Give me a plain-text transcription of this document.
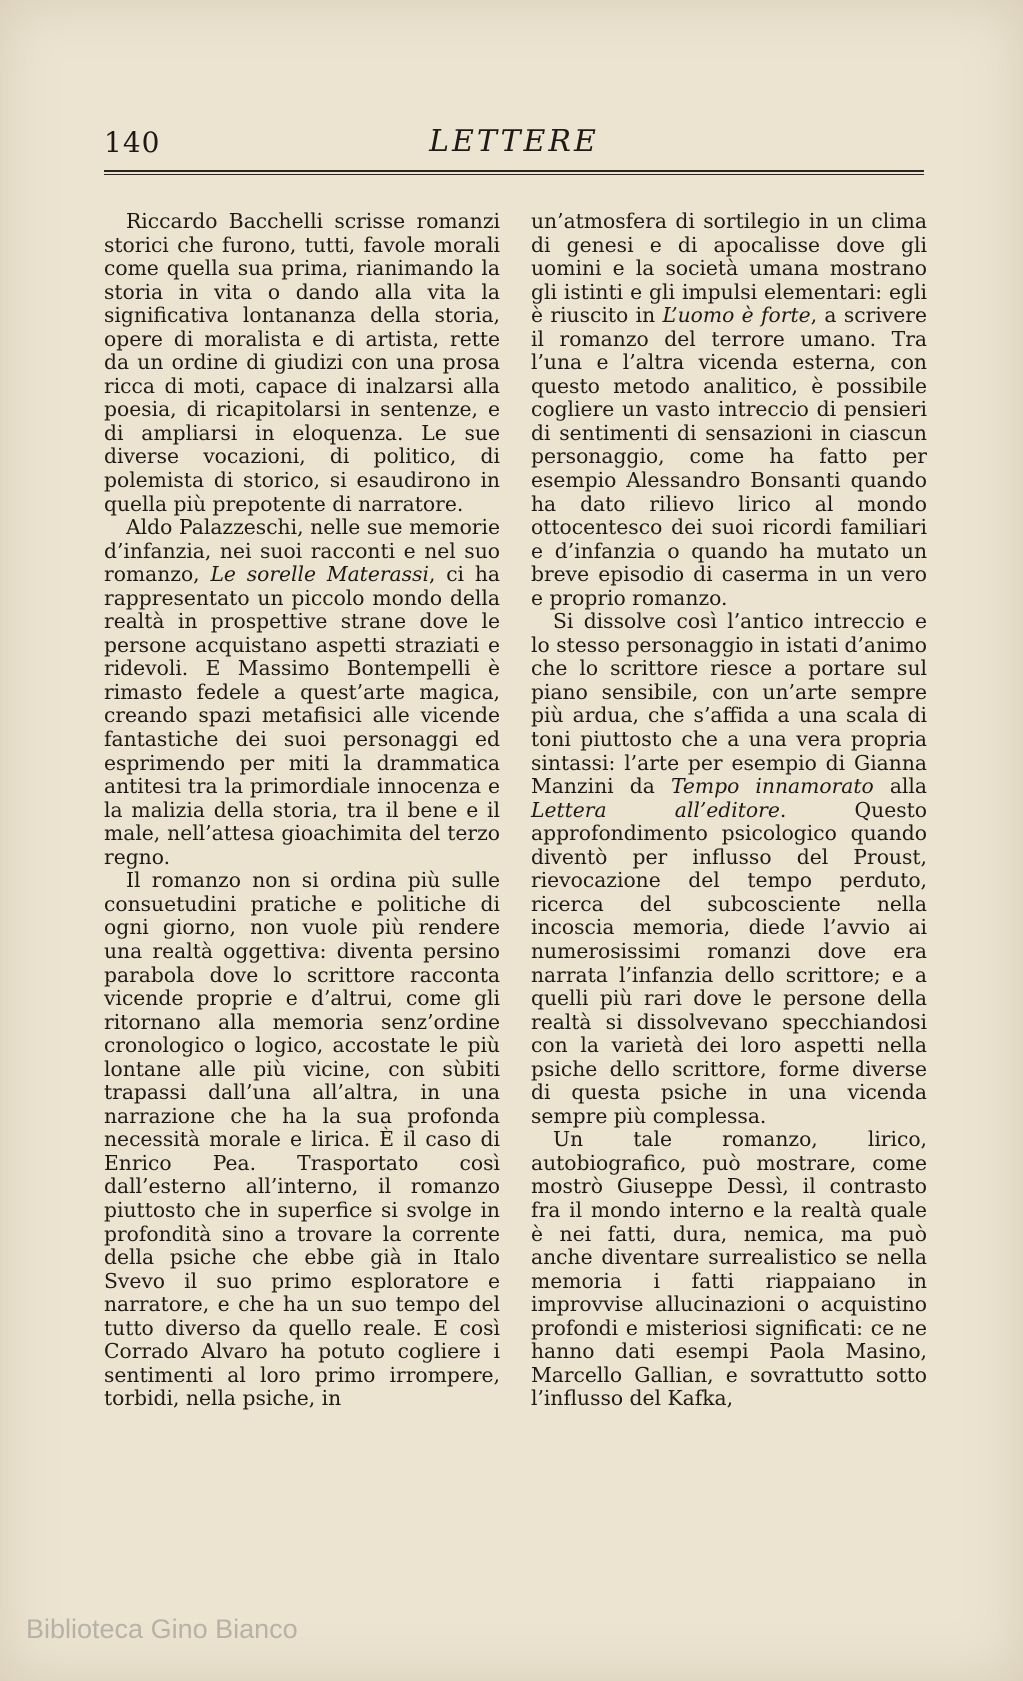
140	LETTERE

Riccardo Bacchelli scrisse romanzi storici che furono, tutti, favole morali come quella sua prima, rianimando la storia in vita o dando alla vita la significativa lontananza della storia, opere di moralista e di artista, rette da un ordine di giudizi con una prosa ricca di moti, capace di inalzarsi alla poesia, di ricapitolarsi in sentenze, e di ampliarsi in eloquenza. Le sue diverse vocazioni, di politico, di polemista di storico, si esaudirono in quella più prepotente di narratore.

Aldo Palazzeschi, nelle sue memorie d’infanzia, nei suoi racconti e nel suo romanzo, Le sorelle Materassi, ci ha rappresentato un piccolo mondo della realtà in prospettive strane dove le persone acquistano aspetti straziati e ridevoli. E Massimo Bontempelli è rimasto fedele a quest’arte magica, creando spazi metafisici alle vicende fantastiche dei suoi personaggi ed esprimendo per miti la drammatica antitesi tra la primordiale innocenza e la malizia della storia, tra il bene e il male, nell’attesa gioachimita del terzo regno.

Il romanzo non si ordina più sulle consuetudini pratiche e politiche di ogni giorno, non vuole più rendere una realtà oggettiva: diventa persino parabola dove lo scrittore racconta vicende proprie e d’altrui, come gli ritornano alla memoria senz’ordine cronologico o logico, accostate le più lontane alle più vicine, con sùbiti trapassi dall’una all’altra, in una narrazione che ha la sua profonda necessità morale e lirica. È il caso di Enrico Pea. Trasportato così dall’esterno all’interno, il romanzo piuttosto che in superfice si svolge in profondità sino a trovare la corrente della psiche che ebbe già in Italo Svevo il suo primo esploratore e narratore, e che ha un suo tempo del tutto diverso da quello reale. E così Corrado Alvaro ha potuto cogliere i sentimenti al loro primo irrompere, torbidi, nella psiche, in

un’atmosfera di sortilegio in un clima di genesi e di apocalisse dove gli uomini e la società umana mostrano gli istinti e gli impulsi elementari: egli è riuscito in L’uomo è forte, a scrivere il romanzo del terrore umano. Tra l’una e l’altra vicenda esterna, con questo metodo analitico, è possibile cogliere un vasto intreccio di pensieri di sentimenti di sensazioni in ciascun personaggio, come ha fatto per esempio Alessandro Bonsanti quando ha dato rilievo lirico al mondo ottocentesco dei suoi ricordi familiari e d’infanzia o quando ha mutato un breve episodio di caserma in un vero e proprio romanzo.

Si dissolve così l’antico intreccio e lo stesso personaggio in istati d’animo che lo scrittore riesce a portare sul piano sensibile, con un’arte sempre più ardua, che s’affida a una scala di toni piuttosto che a una vera propria sintassi: l’arte per esempio di Gianna Manzini da Tempo innamorato alla Lettera all’editore. Questo approfondimento psicologico quando diventò per influsso del Proust, rievocazione del tempo perduto, ricerca del subcosciente nella incoscia memoria, diede l’avvio ai numerosissimi romanzi dove era narrata l’infanzia dello scrittore; e a quelli più rari dove le persone della realtà si dissolvevano specchiandosi con la varietà dei loro aspetti nella psiche dello scrittore, forme diverse di questa psiche in una vicenda sempre più complessa.

Un tale romanzo, lirico, autobiografico, può mostrare, come mostrò Giuseppe Dessì, il contrasto fra il mondo interno e la realtà quale è nei fatti, dura, nemica, ma può anche diventare surrealistico se nella memoria i fatti riappaiano in improvvise allucinazioni o acquistino profondi e misteriosi significati: ce ne hanno dati esempi Paola Masino, Marcello Gallian, e sovrattutto sotto l’influsso del Kafka,

Biblioteca Gino Bianco
